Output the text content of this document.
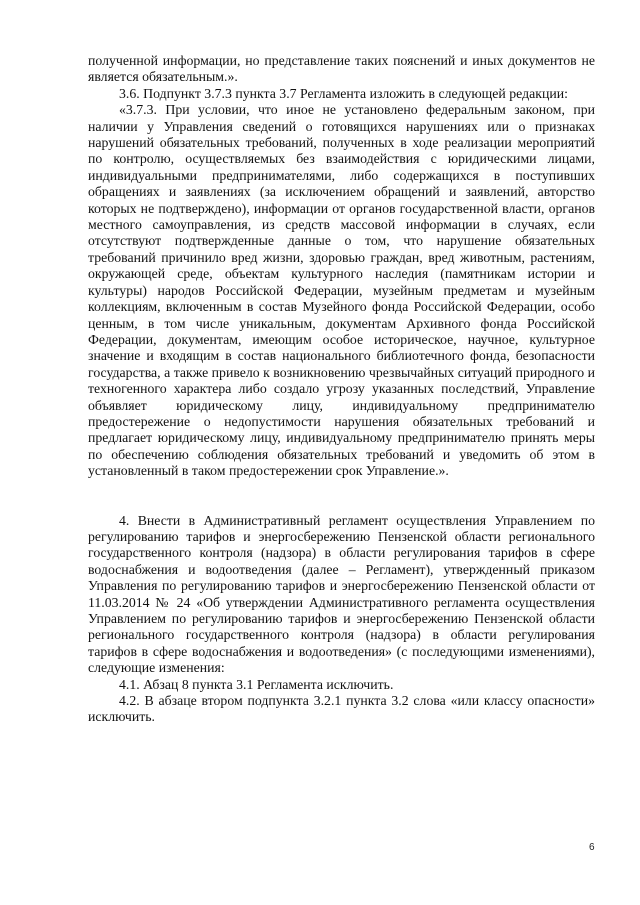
полученной информации, но представление таких пояснений и иных документов не является обязательным.».

3.6. Подпункт 3.7.3 пункта 3.7 Регламента изложить в следующей редакции:

«3.7.3. При условии, что иное не установлено федеральным законом, при наличии у Управления сведений о готовящихся нарушениях или о признаках нарушений обязательных требований, полученных в ходе реализации мероприятий по контролю, осуществляемых без взаимодействия с юридическими лицами, индивидуальными предпринимателями, либо содержащихся в поступивших обращениях и заявлениях (за исключением обращений и заявлений, авторство которых не подтверждено), информации от органов государственной власти, органов местного самоуправления, из средств массовой информации в случаях, если отсутствуют подтвержденные данные о том, что нарушение обязательных требований причинило вред жизни, здоровью граждан, вред животным, растениям, окружающей среде, объектам культурного наследия (памятникам истории и культуры) народов Российской Федерации, музейным предметам и музейным коллекциям, включенным в состав Музейного фонда Российской Федерации, особо ценным, в том числе уникальным, документам Архивного фонда Российской Федерации, документам, имеющим особое историческое, научное, культурное значение и входящим в состав национального библиотечного фонда, безопасности государства, а также привело к возникновению чрезвычайных ситуаций природного и техногенного характера либо создало угрозу указанных последствий, Управление объявляет юридическому лицу, индивидуальному предпринимателю предостережение о недопустимости нарушения обязательных требований и предлагает юридическому лицу, индивидуальному предпринимателю принять меры по обеспечению соблюдения обязательных требований и уведомить об этом в установленный в таком предостережении срок Управление.».

4. Внести в Административный регламент осуществления Управлением по регулированию тарифов и энергосбережению Пензенской области регионального государственного контроля (надзора) в области регулирования тарифов в сфере водоснабжения и водоотведения (далее – Регламент), утвержденный приказом Управления по регулированию тарифов и энергосбережению Пензенской области от 11.03.2014 № 24 «Об утверждении Административного регламента осуществления Управлением по регулированию тарифов и энергосбережению Пензенской области регионального государственного контроля (надзора) в области регулирования тарифов в сфере водоснабжения и водоотведения» (с последующими изменениями), следующие изменения:

4.1. Абзац 8 пункта 3.1 Регламента исключить.

4.2. В абзаце втором подпункта 3.2.1 пункта 3.2 слова «или классу опасности» исключить.

6
